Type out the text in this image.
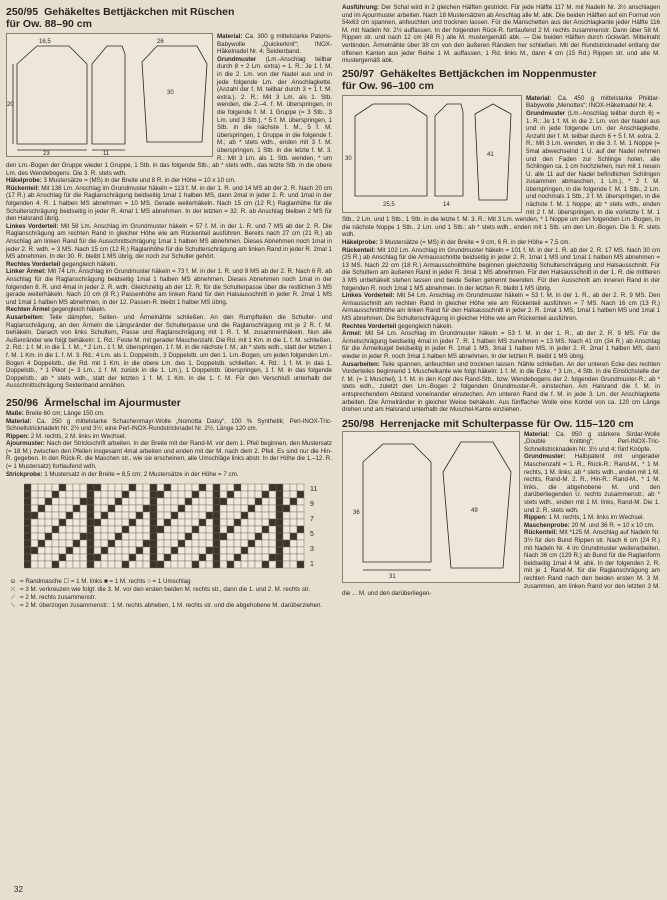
250/95 Gehäkeltes Bettjäckchen mit Rüschen
für Ow. 88–90 cm
23	11
20
30
16,5	26

Material: Ca. 300 g mittelstarke Patons-Babywolle „Quickerknit“; INOX-Häkelnadel Nr. 4; Seidenband.

Grundmuster (Lm.-Anschlag teilbar durch 8 + 2 Lm. extra) = 1. R.: Je 1 f. M. in die 2. Lm. von der Nadel aus und in jede folgende Lm. der Anschlagkette. (Anzahl der f. M. teilbar durch 3 + 1 f. M. extra.). 2. R.: Mit 3 Lm. als 1. Stb. wenden, die 2.–4. f. M. überspringen, in die folgende f. M. 1 Gruppe (= 3 Stb., 3 Lm. und 3 Stb.), * 5 f. M. überspringen, 1 Stb. in die nächste f. M., 5 f. M. überspringen, 1 Gruppe in die folgende f. M.; ab * stets wdh., enden mit 3 f. M. überspringen, 1 Stb. in die letzte f. M. 3. R.: Mit 3 Lm. als 1. Stb. wenden, * um den Lm.-Bogen der Gruppe wieder 1 Gruppe, 1 Stb. in das folgende Stb.; ab * stets wdh., das letzte Stb. in die obere Lm. des Wendebogens. Die 3. R. stets wdh.

Häkelprobe: 3 Mustersätze = (MS) in der Breite und 8 R. in der Höhe = 10 x 10 cm.

Rückenteil: Mit 138 Lm. Anschlag im Grundmuster häkeln = 113 f. M. in der 1. R. und 14 MS ab der 2. R. Nach 20 cm (17 R.) ab Anschlag für die Raglanschrägung beidseitig 1mal 1 halben MS, dann 2mal in jeder 2. R. und 1mal in der folgenden 4. R. 1 halben MS abnehmen = 10 MS. Gerade weiterhäkeln. Nach 15 cm (12 R.) Raglanhöhe für die Schulterschrägung beidseitig in jeder R. 4mal 1 MS abnehmen. In der letzten = 32. R. ab Anschlag bleiben 2 MS für den Halsrand übrig.

Linkes Vorderteil: Mit 58 Lm. Anschlag im Grundmuster häkeln = 57 f. M. in der 1. R. und 7 MS ab der 2. R. Die Raglanschrägung am rechten Rand in gleicher Höhe wie am Rückenteil ausführen. Bereits nach 27 cm (21 R.) ab Anschlag am linken Rand für die Ausschnittschrägung 1mal 1 halben MS abnehmen. Dieses Abnehmen noch 1mal in jeder 2. R. wdh. = 3 MS. Nach 15 cm (12 R.) Raglanhöhe für die Schulterschrägung am linken Rand in jeder R. 2mal 1 MS abnehmen. In der 30. R. bleibt 1 MS übrig, der noch zur Schulter gehört.

Rechtes Vorderteil gegengleich häkeln.

Linker Ärmel: Mit 74 Lm. Anschlag im Grundmuster häkeln = 73 f. M. in der 1. R. und 9 MS ab der 2. R. Nach 6 R. ab Anschlag für die Raglanschrägung beidseitig 1mal 1 halben MS abnehmen. Dieses Abnehmen noch 1mal in der folgenden 8. R. und 4mal in jeder 2. R. wdh. Gleichzeitig ab der 12. R. für die Schulterpasse über die restlichen 3 MS gerade weiterhäkeln. Nach 10 cm (8 R.) Passenhöhe am linken Rand für den Halsausschnitt in jeder R. 2mal 1 MS und 1mal 1 halben MS abnehmen, in der 12. Passen-R. bleibt 1 halber MS übrig.

Rechten Ärmel gegengleich häkeln.

Ausarbeiten: Teile dämpfen, Seiten- und Ärmelnähte schließen. An den Rumpfteilen die Schulter- und Raglanschrägung, an den Ärmeln die Längsränder der Schulterpasse und die Raglanschrägung mit je 2 R. f. M. behäkeln. Danach von links Schultern, Passe und Raglanschrägung mit 1 R. f. M. zusammenhäkeln. Nun alle Außenränder wie folgt behäkeln: 1. Rd.: Feste M. mit gerader Maschenzahl. Die Rd. mit 1 Km. in die 1. f. M. schließen. 2. Rd.: 1 f. M. in die 1. f. M., * 2 Lm., 1 f. M. überspringen, 1 f. M. in die nächste f. M.; ab * stets wdh., statt der letzten 1 f. M. 1 Km. in die 1. f. M. 3. Rd.: 4 Lm. als 1. Doppelstb., 3 Doppelstb. um den 1. Lm.-Bogen, um jeden folgenden Lm.-Bogen 4 Doppelstb., die Rd. mit 1 Km. in die obere Lm. des 1. Doppelstb. schließen. 4. Rd.: 1 f. M. in das 1. Doppelstb., * 1 Pikot (= 3 Lm., 1 f. M. zurück in die 1. Lm.), 1 Doppelstb. überspringen, 1 f. M. in das folgende Doppelstb.; ab * stets wdh., statt der letzten 1 f. M. 1 Km. in die 1. f. M. Für den Verschluß unterhalb der Ausschnittschrägung Seidenband annähen.

250/96 Ärmelschal im Ajourmuster

Maße: Breite 60 cm; Länge 150 cm.

Material: Ca. 250 g mittelstarke Schachenmayr-Wolle „Nomotta Daisy“, 100 % Synthetik; Perl-INOX-Tric-Schnellstricknadeln Nr. 2½ und 3½; eine Perl-INOX-Rundstricknadel Nr. 2½, Länge 120 cm.

Rippen: 2 M. rechts, 2 M. links im Wechsel.

Ajourmuster: Nach der Strickschrift arbeiten. In der Breite mit der Rand-M. vor dem 1. Pfeil beginnen, den Mustersatz (= 18 M.) zwischen den Pfeilen insgesamt 4mal arbeiten und enden mit der M. nach dem 2. Pfeil. Es sind nur die Hin-R. gegeben. In den Rück-R. die Maschen str., wie sie erscheinen, alle Umschläge links abstr. In der Höhe die 1.–12. R. (= 1 Mustersatz) fortlaufend wdh.

Strickprobe: 1 Mustersatz in der Breite = 8,5 cm; 2 Mustersätze in der Höhe = 7 cm.

11
9
7
5
3
1

⊟ = Randmasche ☐ = 1 M. links ■ = 1 M. rechts ○ = 1 Umschlag

⤫ = 3 M. verkreuzen wie folgt: die 3. M. vor den ersten beiden M. rechts str., dann die 1. und 2. M. rechts str.

⟋ = 2 M. rechts zusammenstr.

⟍ = 2 M. überzogen zusammenstr.: 1 M. rechts abheben, 1 M. rechts str. und die abgehobene M. darüberziehen.

Ausführung: Der Schal wird in 2 gleichen Hälften gestrickt. Für jede Hälfte 117 M. mit Nadeln Nr. 3½ anschlagen und im Ajourmuster arbeiten. Nach 18 Mustersätzen ab Anschlag alle M. abk. Die beiden Hälften auf ein Format von 54x63 cm spannen, anfeuchten und trocknen lassen. Für die Manschetten aus der Anschlagkante jeder Hälfte 116 M. mit Nadeln Nr. 2½ auffassen. In der folgenden Rück-R. fortlaufend 2 M. rechts zusammenstr. Dann über 58 M. Rippen str. und nach 12 cm (48 R.) alle M. mustergemäß abk. — Die beiden Hälften durch rückwärt. Mittelnaht verbinden. Ärmelnähte über 38 cm von den äußeren Rändern her schließen. Mit der Rundstricknadel entlang der offenen Kanten aus jeder Reihe 1 M. auffassen, 1 Rd. links M., dann 4 cm (15 Rd.) Rippen str. und alle M. mustergemäß abk.

250/97 Gehäkeltes Bettjäckchen im Noppenmuster
für Ow. 96–100 cm
25,5	14
30
41

Material: Ca. 450 g mittelstarke Phildar-Babywolle „Menottes“; INOX-Häkelnadel Nr. 4.

Grundmuster (Lm.-Anschlag teilbar durch 6) = 1. R.: Je 1 f. M. in die 2. Lm. von der Nadel aus und in jede folgende Lm. der Anschlagkette. Anzahl der f. M. teilbar durch 6 + 5 f. M. extra. 2. R.: Mit 3 Lm. wenden, in die 3. f. M. 1 Noppe (= 5mal abwechselnd 1 U. auf der Nadel nehmen und den Faden zur Schlinge holen, alle Schlingen ca. 1 cm hochziehen, nun mit 1 neuen U. alle 11 auf der Nadel befindlichen Schlingen zusammen abmaschen, 1 Lm.), * 2 f. M. überspringen, in die folgende f. M. 1 Stb., 2 Lm. und nochmals 1 Stb., 2 f. M. überspringen, in die nächste f. M. 1 Noppe; ab * stets wdh., enden mit 2 f. M. überspringen, in die vorletzte f. M. 1 Stb., 2 Lm. und 1 Stb., 1 Stb. in die letzte f. M. 3. R.: Mit 3 Lm. wenden, * 1 Noppe um den folgenden Lm.-Bogen, in die nächste Noppe 1 Stb., 2 Lm. und 1 Stb.; ab * stets wdh., enden mit 1 Stb. um den Lm.-Bogen. Die 3. R. stets wdh.

Häkelprobe: 3 Mustersätze (= MS) in der Breite = 9 cm, 6 R. in der Höhe = 7,5 cm.

Rückenteil: Mit 102 Lm. Anschlag im Grundmuster häkeln = 101 f. M. in der 1. R. ab der 2. R. 17 MS. Nach 30 cm (25 R.) ab Anschlag für die Armausschnitte beidseitig in jeder 2. R. 1mal 1 MS und 1mal 1 halben MS abnehmen = 13 MS. Nach 22 cm (18 R.) Armausschnitthöhe beginnen gleichzeitig Schulterschrägung und Halsausschnitt. Für die Schultern am äußeren Rand in jeder R. 3mal 1 MS abnehmen. Für den Halsausschnitt in der 1. R. die mittleren 3 MS unbehäkelt stehen lassen und beide Seiten getrennt beenden. Für den Ausschnitt am inneren Rand in der folgenden R. noch 1mal 1 MS abnehmen. In der letzten R. bleibt 1 MS übrig.

Linkes Vorderteil: Mit 54 Lm. Anschlag im Grundmuster häkeln = 53 f. M. in der 1. R., ab der 2. R. 9 MS. Den Armausschnitt am rechten Rand in gleicher Höhe wie am Rückenteil ausführen = 7 MS. Nach 16 cm (13 R.) Armausschnitthöhe am linken Rand für den Halsausschnitt in jeder 2. R. 1mal 1 MS, 1mal 1 halben MS und 1mal 1 MS abnehmen. Die Schulterschrägung in gleicher Höhe wie am Rückenteil ausführen.

Rechtes Vorderteil gegengleich häkeln.

Ärmel: Mit 54 Lm. Anschlag im Grundmuster häkeln = 53 f. M. in der 1. R., ab der 2. R. 9 MS. Für die Ärmelschrägung beidseitig 4mal in jeder 7. R. 1 halben MS zunehmen = 13 MS. Nach 41 cm (34 R.) ab Anschlag für die Ärmelkugel beidseitig in jeder R. 1mal 1 MS, 3mal 1 halben MS, in jeder 2. R. 2mal 1 halben MS, dann wieder in jeder R. noch 3mal 1 halben MS abnehmen. In der letzten R. bleibt 1 MS übrig.

Ausarbeiten: Teile spannen, anfeuchten und trocknen lassen. Nähte schließen. An der unteren Ecke des rechten Vorderteiles beginnend 1 Muschelkante wie folgt häkeln: 1 f. M. in die Ecke, * 3 Lm., 4 Stb. in die Einstichstelle der f. M. (= 1 Muschel), 1 f. M. in den Kopf des Rand-Stb., bzw. Wendebogens der 2. folgenden Grundmuster-R.; ab * stets wdh., zuletzt den Lm.-Bogen 2 folgenden Grundmuster-R. einstechen. Am Halsrand die f. M. in entsprechendem Abstand voneinander einstechen. Am unteren Rand die f. M. in jede 3. Lm. der Anschlagkette arbeiten. Die Ärmelränder in gleicher Weise behäkeln. Aus fünffacher Wolle eine Kordel von ca. 120 cm Länge drehen und am Halsrand unterhalb der Muschel-Kante einziehen.

250/98 Herrenjacke mit Schulterpasse für Ow. 115–120 cm
31
36	49

Material: Ca. 950 g stärkere Sirdar-Wolle „Double Knitting“; Perl-INOX-Tric-Schnellstricknadeln Nr. 3½ und 4; fünf Knöpfe.

Grundmuster: Halbpatent mit ungerader Maschenzahl = 1. R., Rück-R.: Rand-M., * 1 M. rechts, 1 M. links; ab * stets wdh., enden mit 1 M. rechts, Rand-M. 2. R., Hin-R.: Rand-M., * 1 M. links, die abgehobene M. und den darüberliegenden U. rechts zusammenstr.; ab * stets wdh., enden mit 1 M. links, Rand-M. Die 1. und 2. R. stets wdh.

Rippen: 1 M. rechts, 1 M. links im Wechsel.

Maschenprobe: 20 M. und 36 R. = 10 x 10 cm.

Rückenteil: Mit *125 M. Anschlag auf Nadeln Nr. 3½ für den Bund Rippen str. Nach 6 cm (24 R.) mit Nadeln Nr. 4 im Grundmuster weiterarbeiten. Nach 36 cm (129 R.) ab Bund für die Raglanform beidseitig 1mal 4 M. abk. In der folgenden 2. R. mit je 1 Rand-M. für die Raglanschrägung am rechten Rand nach den beiden ersten M. 3 M. zusammen, am linken Rand vor den letzten 3 M. die ... M. und den darüberliegen-

32
